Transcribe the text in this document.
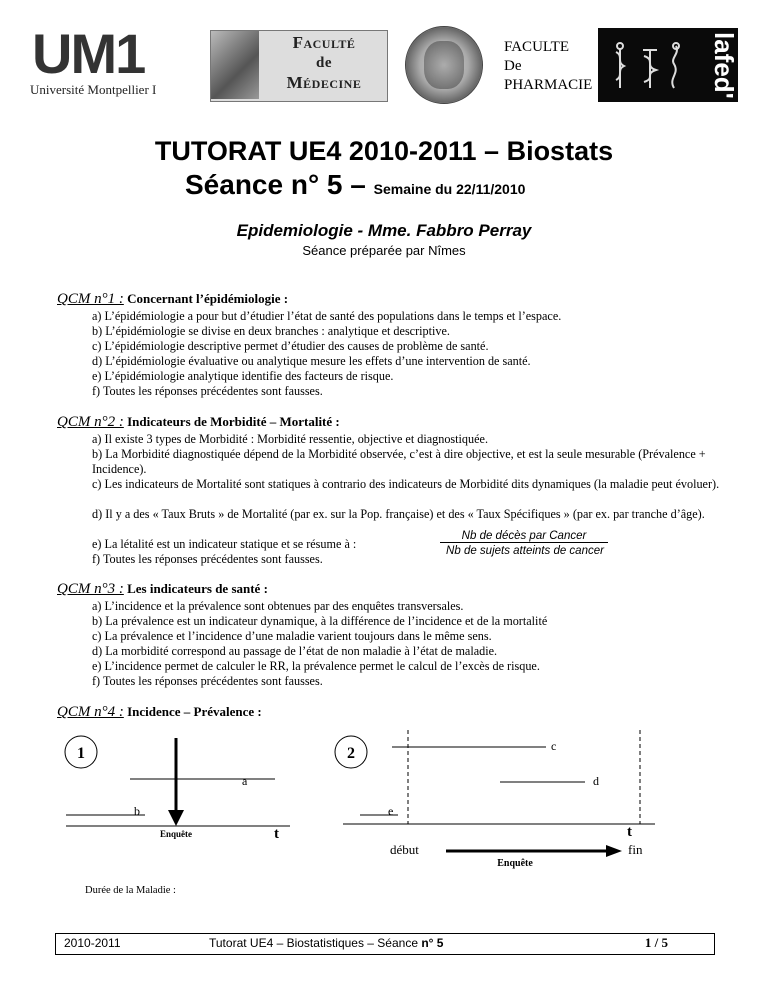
UM1
Université Montpellier I
Faculté
de
Médecine
FACULTE
De
PHARMACIE	lafed'
TUTORAT UE4 2010-2011 – Biostats
Séance n° 5 – Semaine du 22/11/2010
Epidemiologie - Mme. Fabbro Perray
Séance préparée par Nîmes
QCM n°1 : Concernant l’épidémiologie :
a) L’épidémiologie a pour but d’étudier l’état de santé des populations dans le temps et l’espace.
b) L’épidémiologie se divise en deux branches : analytique et descriptive.
c) L’épidémiologie descriptive permet d’étudier des causes de problème de santé.
d) L’épidémiologie évaluative ou analytique mesure les effets d’une intervention de santé.
e) L’épidémiologie analytique identifie des facteurs de risque.
f) Toutes les réponses précédentes sont fausses.
QCM n°2 : Indicateurs de Morbidité – Mortalité :
a) Il existe 3 types de Morbidité : Morbidité ressentie, objective et diagnostiquée.
b) La Morbidité diagnostiquée dépend de la Morbidité observée, c’est à dire objective, et est la seule mesurable (Prévalence + Incidence).
c) Les indicateurs de Mortalité sont statiques à contrario des indicateurs de Morbidité dits dynamiques (la maladie peut évoluer).
d) Il y a des « Taux Bruts » de Mortalité (par ex. sur la Pop. française) et des « Taux Spécifiques » (par ex. par tranche d’âge).
e) La létalité est un indicateur statique et se résume à :
f) Toutes les réponses précédentes sont fausses.
Nb de décès par Cancer
Nb de sujets atteints de cancer
QCM n°3 : Les indicateurs de santé :
a) L’incidence et la prévalence sont obtenues par des enquêtes transversales.
b) La prévalence est un indicateur dynamique, à la différence de l’incidence et de la mortalité
c) La prévalence et l’incidence d’une maladie varient toujours dans le même sens.
d) La morbidité correspond au passage de l’état de non maladie à l’état de maladie.
e) L’incidence permet de calculer le RR, la prévalence permet le calcul de l’excès de risque.
f) Toutes les réponses précédentes sont fausses.
QCM n°4 : Incidence – Prévalence :
1
a
b
Enquête	t
2	c
d
e
t
début	fin
Enquête
Durée de la Maladie :
2010-2011	Tutorat UE4 – Biostatistiques – Séance n° 5	1 / 5
